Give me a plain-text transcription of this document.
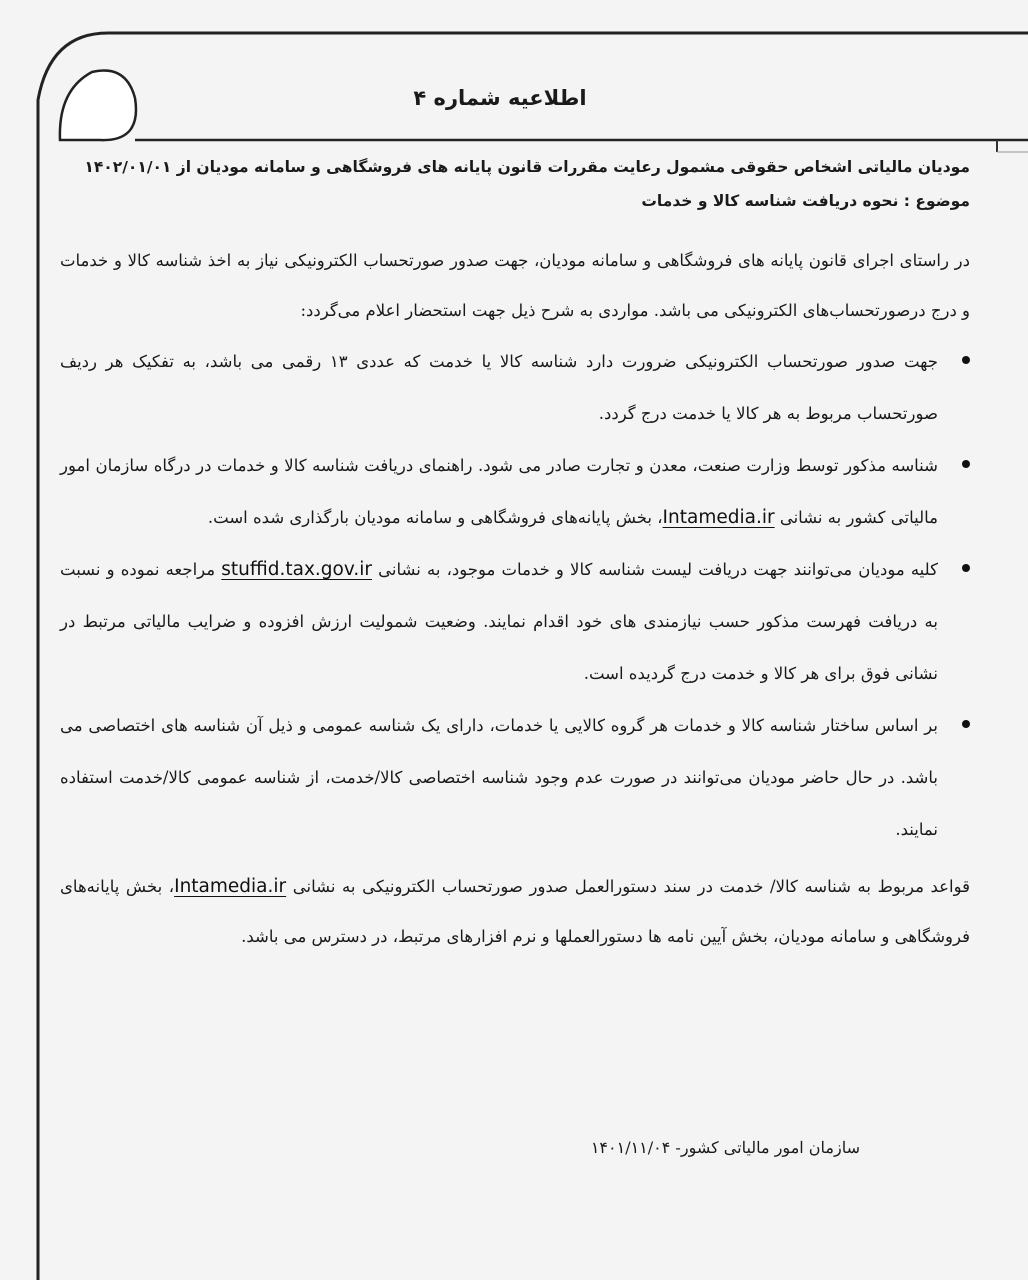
اطلاعیه شماره ۴

مودیان مالیاتی اشخاص حقوقی مشمول رعایت مقررات قانون پایانه های فروشگاهی و سامانه مودیان از ۱۴۰۲/۰۱/۰۱

موضوع : نحوه دریافت شناسه کالا و خدمات

در راستای اجرای قانون پایانه های فروشگاهی و سامانه مودیان، جهت صدور صورتحساب الکترونیکی نیاز به اخذ شناسه کالا و خدمات و درج درصورتحساب‌های الکترونیکی می باشد. مواردی به شرح ذیل جهت استحضار اعلام می‌گردد:

جهت صدور صورتحساب الکترونیکی ضرورت دارد شناسه کالا یا خدمت که عددی ۱۳ رقمی می باشد، به تفکیک هر ردیف صورتحساب مربوط به هر کالا یا خدمت درج گردد.
شناسه مذکور توسط وزارت صنعت، معدن و تجارت صادر می شود. راهنمای دریافت شناسه کالا و خدمات در درگاه سازمان امور مالیاتی کشور به نشانی Intamedia.ir، بخش پایانه‌های فروشگاهی و سامانه مودیان بارگذاری شده است.
کلیه مودیان می‌توانند جهت دریافت لیست شناسه کالا و خدمات موجود، به نشانی stuffid.tax.gov.ir مراجعه نموده و نسبت به دریافت فهرست مذکور حسب نیازمندی های خود اقدام نمایند. وضعیت شمولیت ارزش افزوده و ضرایب مالیاتی مرتبط در نشانی فوق برای هر کالا و خدمت درج گردیده است.
بر اساس ساختار شناسه کالا و خدمات هر گروه کالایی یا خدمات، دارای یک شناسه عمومی و ذیل آن شناسه های اختصاصی می باشد. در حال حاضر مودیان می‌توانند در صورت عدم وجود شناسه اختصاصی کالا/خدمت، از شناسه عمومی کالا/خدمت استفاده نمایند.

قواعد مربوط به شناسه کالا/ خدمت در سند دستورالعمل صدور صورتحساب الکترونیکی به نشانی Intamedia.ir، بخش پایانه‌های فروشگاهی و سامانه مودیان، بخش آیین نامه ها دستورالعملها و نرم افزارهای مرتبط، در دسترس می باشد.

سازمان امور مالیاتی کشور- ۱۴۰۱/۱۱/۰۴
